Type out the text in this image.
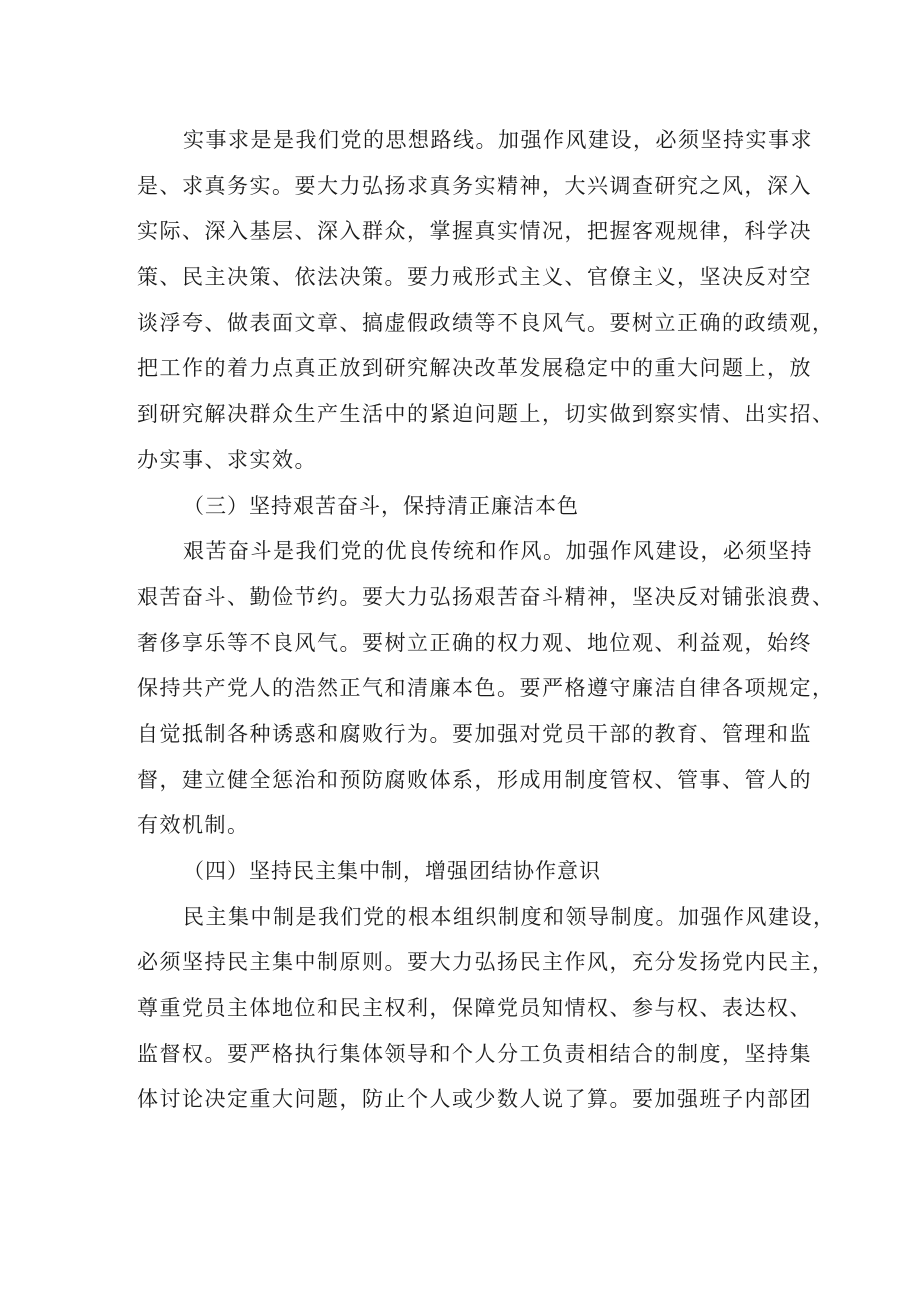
实事求是是我们党的思想路线。加强作风建设，必须坚持实事求
是、求真务实。要大力弘扬求真务实精神，大兴调查研究之风，深入
实际、深入基层、深入群众，掌握真实情况，把握客观规律，科学决
策、民主决策、依法决策。要力戒形式主义、官僚主义，坚决反对空
谈浮夸、做表面文章、搞虚假政绩等不良风气。要树立正确的政绩观，
把工作的着力点真正放到研究解决改革发展稳定中的重大问题上，放
到研究解决群众生产生活中的紧迫问题上，切实做到察实情、出实招、
办实事、求实效。
（三）坚持艰苦奋斗，保持清正廉洁本色
艰苦奋斗是我们党的优良传统和作风。加强作风建设，必须坚持
艰苦奋斗、勤俭节约。要大力弘扬艰苦奋斗精神，坚决反对铺张浪费、
奢侈享乐等不良风气。要树立正确的权力观、地位观、利益观，始终
保持共产党人的浩然正气和清廉本色。要严格遵守廉洁自律各项规定，
自觉抵制各种诱惑和腐败行为。要加强对党员干部的教育、管理和监
督，建立健全惩治和预防腐败体系，形成用制度管权、管事、管人的
有效机制。
（四）坚持民主集中制，增强团结协作意识
民主集中制是我们党的根本组织制度和领导制度。加强作风建设，
必须坚持民主集中制原则。要大力弘扬民主作风，充分发扬党内民主，
尊重党员主体地位和民主权利，保障党员知情权、参与权、表达权、
监督权。要严格执行集体领导和个人分工负责相结合的制度，坚持集
体讨论决定重大问题，防止个人或少数人说了算。要加强班子内部团
